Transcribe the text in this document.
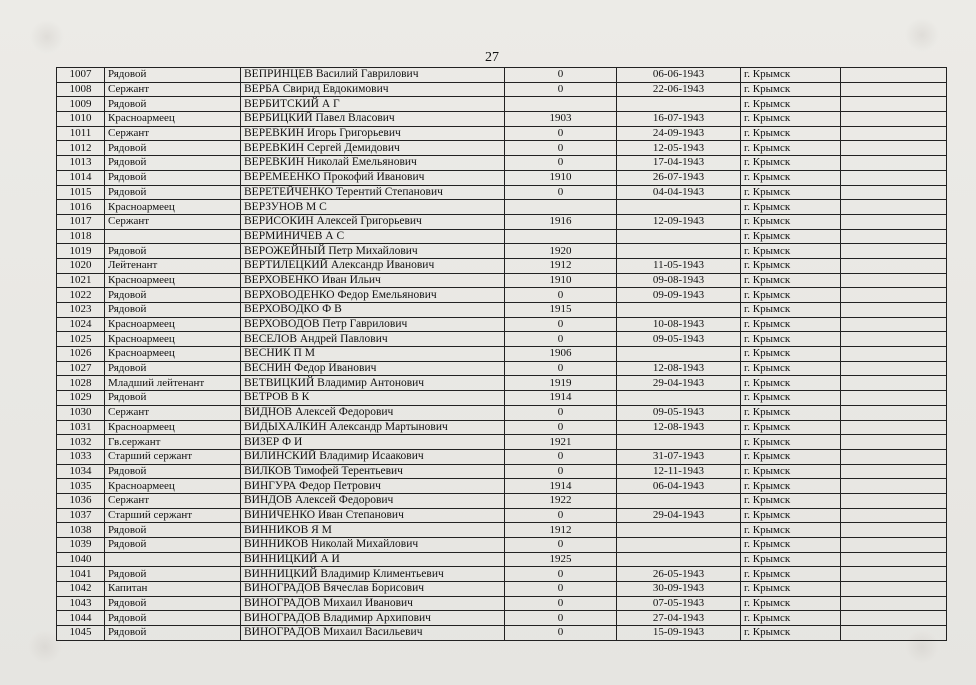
27
1007	Рядовой	ВЕПРИНЦЕВ Василий Гаврилович	0	06-06-1943	г. Крымск	
1008	Сержант	ВЕРБА Свирид Евдокимович	0	22-06-1943	г. Крымск	
1009	Рядовой	ВЕРБИТСКИЙ А Г			г. Крымск	
1010	Красноармеец	ВЕРБИЦКИЙ Павел Власович	1903	16-07-1943	г. Крымск	
1011	Сержант	ВЕРЕВКИН Игорь Григорьевич	0	24-09-1943	г. Крымск	
1012	Рядовой	ВЕРЕВКИН Сергей Демидович	0	12-05-1943	г. Крымск	
1013	Рядовой	ВЕРЕВКИН Николай Емельянович	0	17-04-1943	г. Крымск	
1014	Рядовой	ВЕРЕМЕЕНКО Прокофий Иванович	1910	26-07-1943	г. Крымск	
1015	Рядовой	ВЕРЕТЕЙЧЕНКО Терентий Степанович	0	04-04-1943	г. Крымск	
1016	Красноармеец	ВЕРЗУНОВ М С			г. Крымск	
1017	Сержант	ВЕРИСОКИН Алексей Григорьевич	1916	12-09-1943	г. Крымск	
1018		ВЕРМИНИЧЕВ А С			г. Крымск	
1019	Рядовой	ВЕРОЖЕЙНЫЙ Петр Михайлович	1920		г. Крымск	
1020	Лейтенант	ВЕРТИЛЕЦКИЙ Александр Иванович	1912	11-05-1943	г. Крымск	
1021	Красноармеец	ВЕРХОВЕНКО Иван Ильич	1910	09-08-1943	г. Крымск	
1022	Рядовой	ВЕРХОВОДЕНКО Федор Емельянович	0	09-09-1943	г. Крымск	
1023	Рядовой	ВЕРХОВОДКО Ф В	1915		г. Крымск	
1024	Красноармеец	ВЕРХОВОДОВ Петр Гаврилович	0	10-08-1943	г. Крымск	
1025	Красноармеец	ВЕСЕЛОВ Андрей Павлович	0	09-05-1943	г. Крымск	
1026	Красноармеец	ВЕСНИК П М	1906		г. Крымск	
1027	Рядовой	ВЕСНИН Федор Иванович	0	12-08-1943	г. Крымск	
1028	Младший лейтенант	ВЕТВИЦКИЙ Владимир Антонович	1919	29-04-1943	г. Крымск	
1029	Рядовой	ВЕТРОВ В К	1914		г. Крымск	
1030	Сержант	ВИДНОВ Алексей Федорович	0	09-05-1943	г. Крымск	
1031	Красноармеец	ВИДЫХАЛКИН Александр Мартынович	0	12-08-1943	г. Крымск	
1032	Гв.сержант	ВИЗЕР Ф И	1921		г. Крымск	
1033	Старший сержант	ВИЛИНСКИЙ Владимир Исаакович	0	31-07-1943	г. Крымск	
1034	Рядовой	ВИЛКОВ Тимофей Терентьевич	0	12-11-1943	г. Крымск	
1035	Красноармеец	ВИНГУРА Федор Петрович	1914	06-04-1943	г. Крымск	
1036	Сержант	ВИНДОВ Алексей Федорович	1922		г. Крымск	
1037	Старший сержант	ВИНИЧЕНКО Иван Степанович	0	29-04-1943	г. Крымск	
1038	Рядовой	ВИННИКОВ Я М	1912		г. Крымск	
1039	Рядовой	ВИННИКОВ Николай Михайлович	0		г. Крымск	
1040		ВИННИЦКИЙ А И	1925		г. Крымск	
1041	Рядовой	ВИННИЦКИЙ Владимир Климентьевич	0	26-05-1943	г. Крымск	
1042	Капитан	ВИНОГРАДОВ Вячеслав Борисович	0	30-09-1943	г. Крымск	
1043	Рядовой	ВИНОГРАДОВ Михаил Иванович	0	07-05-1943	г. Крымск	
1044	Рядовой	ВИНОГРАДОВ Владимир Архипович	0	27-04-1943	г. Крымск	
1045	Рядовой	ВИНОГРАДОВ Михаил Васильевич	0	15-09-1943	г. Крымск	
